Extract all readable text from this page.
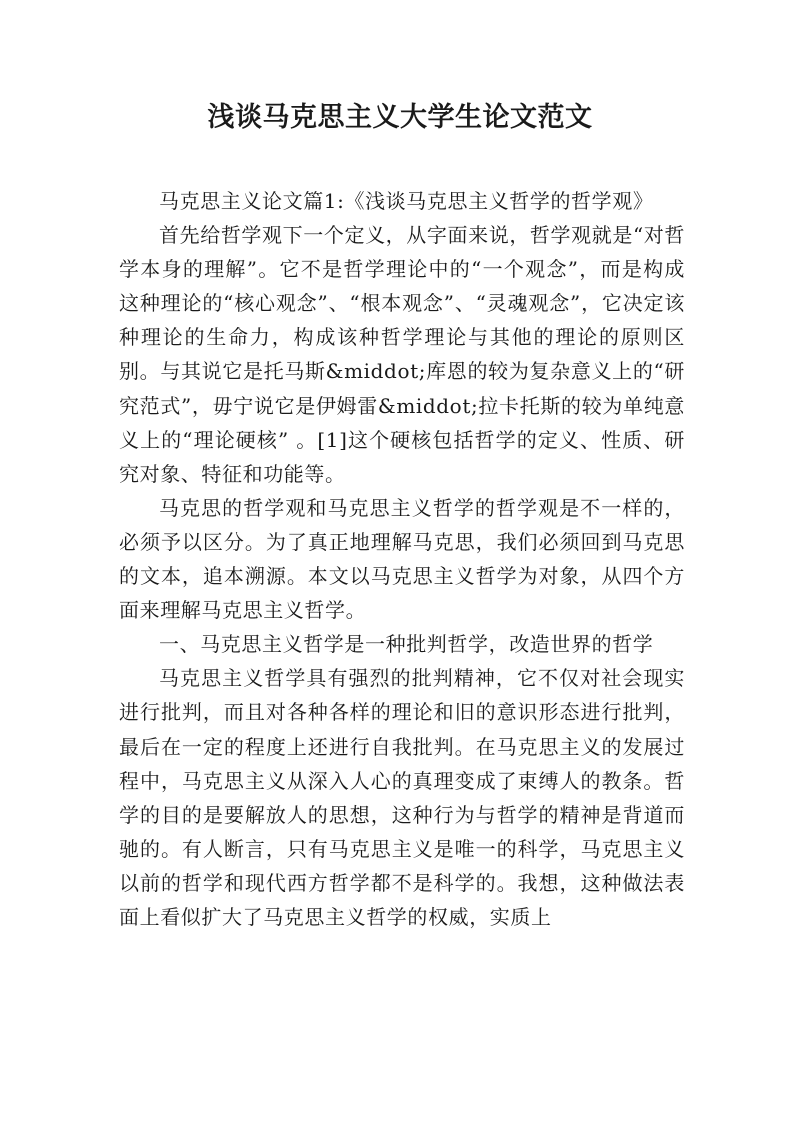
浅谈马克思主义大学生论文范文

马克思主义论文篇1:《浅谈马克思主义哲学的哲学观》

首先给哲学观下一个定义，从字面来说，哲学观就是“对哲学本身的理解”。它不是哲学理论中的“一个观念”，而是构成这种理论的“核心观念”、“根本观念”、“灵魂观念”，它决定该种理论的生命力，构成该种哲学理论与其他的理论的原则区别。与其说它是托马斯&middot;库恩的较为复杂意义上的“研究范式”，毋宁说它是伊姆雷&middot;拉卡托斯的较为单纯意义上的“理论硬核” 。[1]这个硬核包括哲学的定义、性质、研究对象、特征和功能等。

马克思的哲学观和马克思主义哲学的哲学观是不一样的，必须予以区分。为了真正地理解马克思，我们必须回到马克思的文本，追本溯源。本文以马克思主义哲学为对象，从四个方面来理解马克思主义哲学。

一、马克思主义哲学是一种批判哲学，改造世界的哲学

马克思主义哲学具有强烈的批判精神，它不仅对社会现实进行批判，而且对各种各样的理论和旧的意识形态进行批判，最后在一定的程度上还进行自我批判。在马克思主义的发展过程中，马克思主义从深入人心的真理变成了束缚人的教条。哲学的目的是要解放人的思想，这种行为与哲学的精神是背道而驰的。有人断言，只有马克思主义是唯一的科学，马克思主义以前的哲学和现代西方哲学都不是科学的。我想，这种做法表面上看似扩大了马克思主义哲学的权威，实质上
